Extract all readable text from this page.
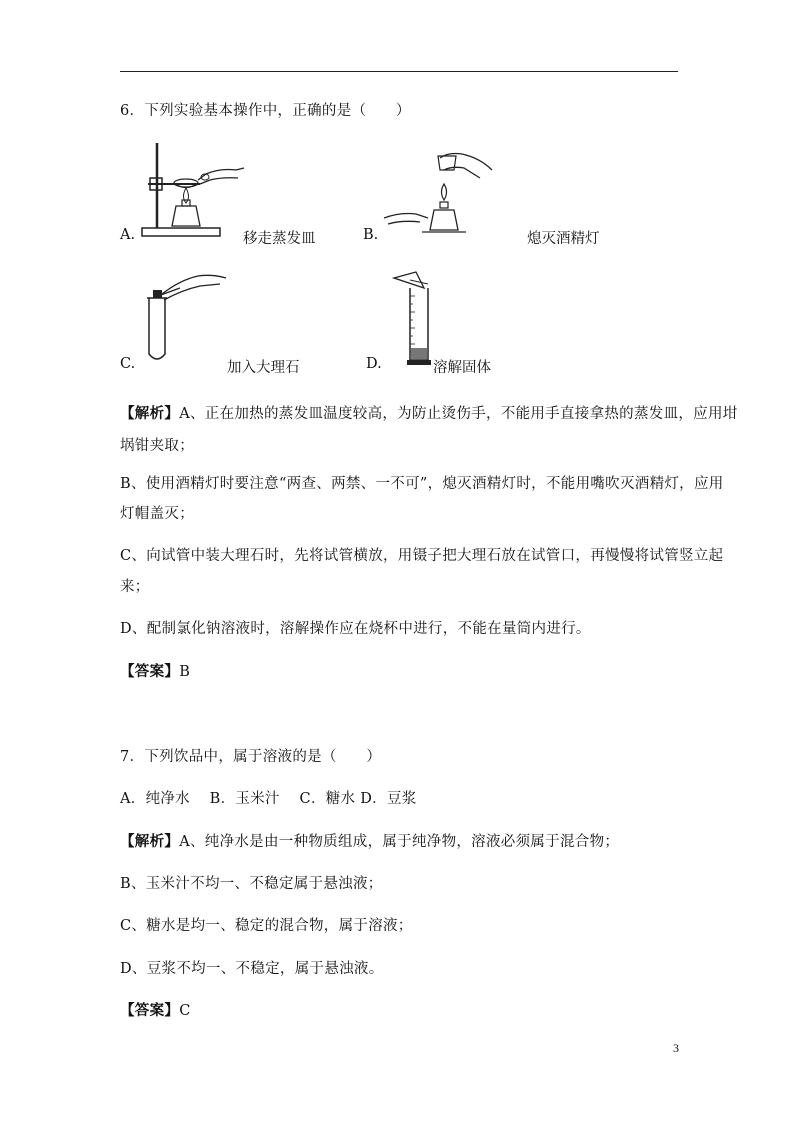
6．下列实验基本操作中，正确的是（　　）
A.	移走蒸发皿	B.	熄灭酒精灯
C.	加入大理石	D.	溶解固体
【解析】A、正在加热的蒸发皿温度较高，为防止烫伤手，不能用手直接拿热的蒸发皿，应用坩
埚钳夹取；
B、使用酒精灯时要注意“两查、两禁、一不可”，熄灭酒精灯时，不能用嘴吹灭酒精灯，应用
灯帽盖灭；
C、向试管中装大理石时，先将试管横放，用镊子把大理石放在试管口，再慢慢将试管竖立起
来；
D、配制氯化钠溶液时，溶解操作应在烧杯中进行，不能在量筒内进行。
【答案】B
7．下列饮品中，属于溶液的是（　　）
A．纯净水　 B．玉米汁　 C．糖水 D．豆浆
【解析】A、纯净水是由一种物质组成，属于纯净物，溶液必须属于混合物；
B、玉米汁不均一、不稳定属于悬浊液；
C、糖水是均一、稳定的混合物，属于溶液；
D、豆浆不均一、不稳定，属于悬浊液。
【答案】C
3
